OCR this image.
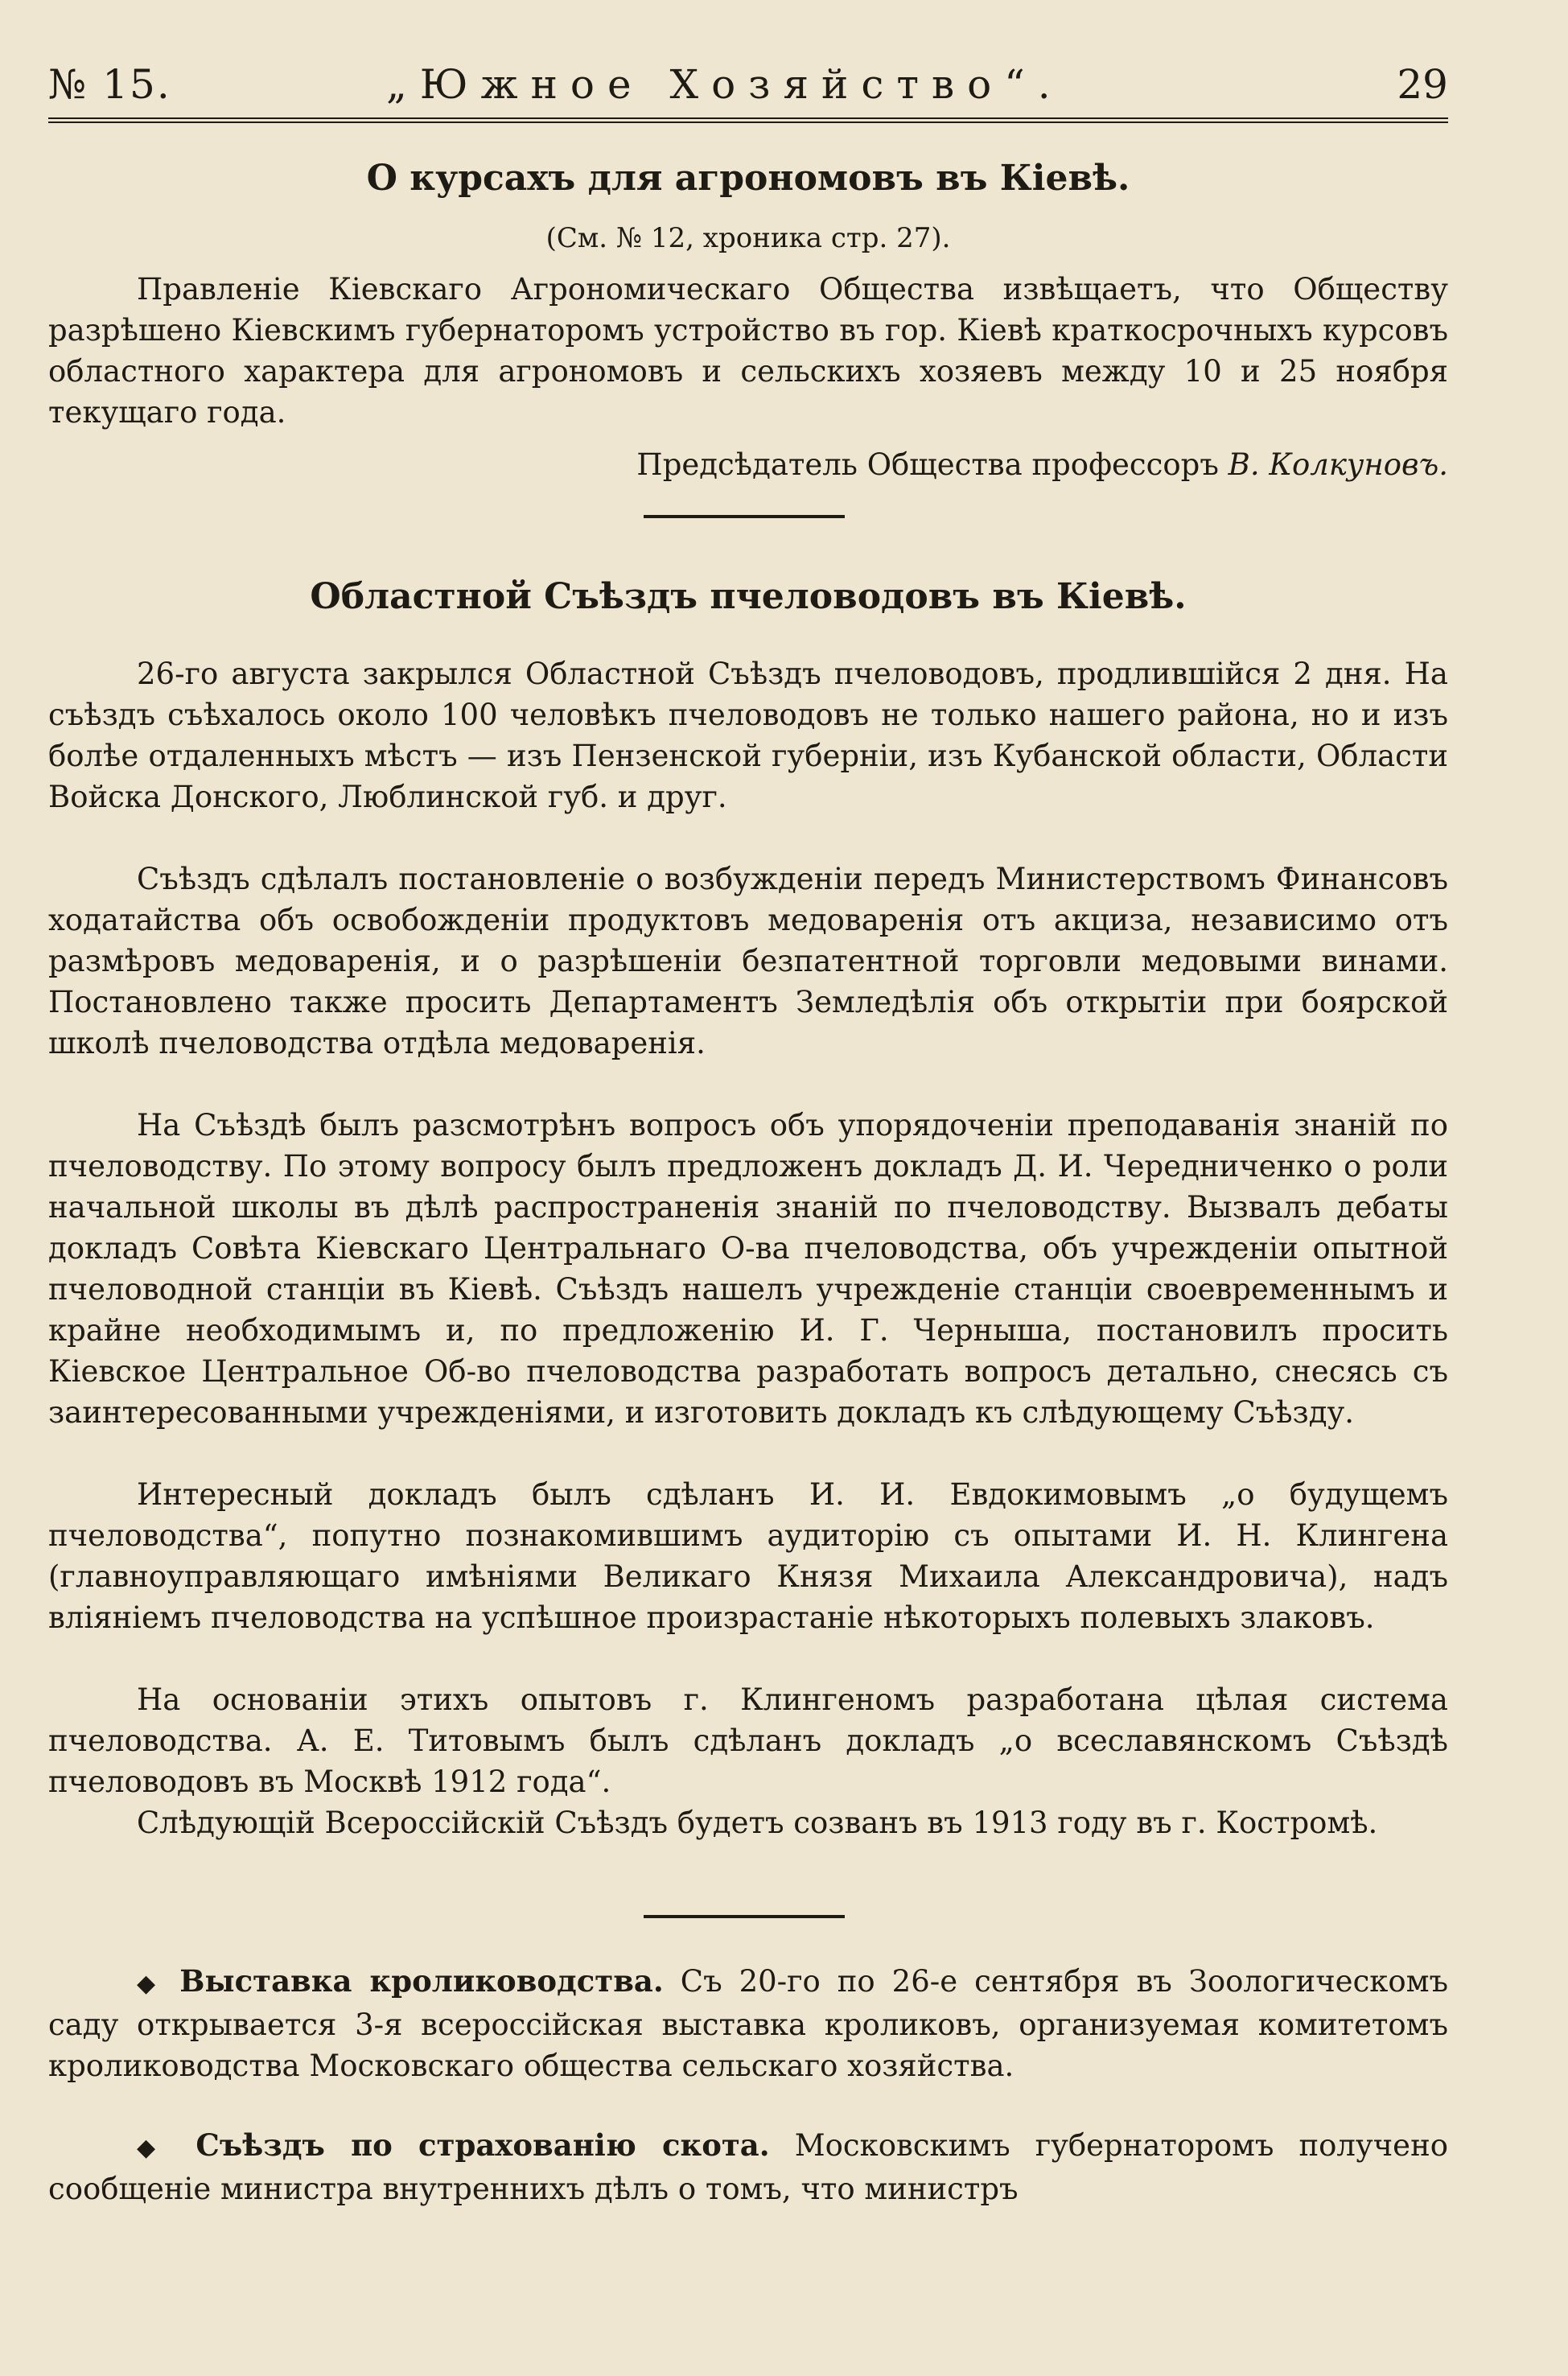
№ 15.	„Южное Хозяйство“.	29
О курсахъ для агрономовъ въ Кіевѣ.
(См. № 12, хроника стр. 27).

Правленіе Кіевскаго Агрономическаго Общества извѣщаетъ, что Обществу разрѣшено Кіевскимъ губернаторомъ устройство въ гор. Кіевѣ краткосрочныхъ курсовъ областного характера для агрономовъ и сельскихъ хозяевъ между 10 и 25 ноября текущаго года.

Предсѣдатель Общества профессоръ В. Колкуновъ.
Областной Съѣздъ пчеловодовъ въ Кіевѣ.

26-го августа закрылся Областной Съѣздъ пчеловодовъ, продлившійся 2 дня. На съѣздъ съѣхалось около 100 человѣкъ пчеловодовъ не только нашего района, но и изъ болѣе отдаленныхъ мѣстъ — изъ Пензенской губерніи, изъ Кубанской области, Области Войска Донского, Люблинской губ. и друг.

Съѣздъ сдѣлалъ постановленіе о возбужденіи передъ Министерствомъ Финансовъ ходатайства объ освобожденіи продуктовъ медоваренія отъ акциза, независимо отъ размѣровъ медоваренія, и о разрѣшеніи безпатентной торговли медовыми винами. Постановлено также просить Департаментъ Земледѣлія объ открытіи при боярской школѣ пчеловодства отдѣла медоваренія.

На Съѣздѣ былъ разсмотрѣнъ вопросъ объ упорядоченіи преподаванія знаній по пчеловодству. По этому вопросу былъ предложенъ докладъ Д. И. Чередниченко о роли начальной школы въ дѣлѣ распространенія знаній по пчеловодству. Вызвалъ дебаты докладъ Совѣта Кіевскаго Центральнаго О-ва пчеловодства, объ учрежденіи опытной пчеловодной станціи въ Кіевѣ. Съѣздъ нашелъ учрежденіе станціи своевременнымъ и крайне необходимымъ и, по предложенію И. Г. Черныша, постановилъ просить Кіевское Центральное Об-во пчеловодства разработать вопросъ детально, снесясь съ заинтересованными учрежденіями, и изготовить докладъ къ слѣдующему Съѣзду.

Интересный докладъ былъ сдѣланъ И. И. Евдокимовымъ „о будущемъ пчеловодства“, попутно познакомившимъ аудиторію съ опытами И. Н. Клингена (главноуправляющаго имѣніями Великаго Князя Михаила Александровича), надъ вліяніемъ пчеловодства на успѣшное произрастаніе нѣкоторыхъ полевыхъ злаковъ.

На основаніи этихъ опытовъ г. Клингеномъ разработана цѣлая система пчеловодства. А. Е. Титовымъ былъ сдѣланъ докладъ „о всеславянскомъ Съѣздѣ пчеловодовъ въ Москвѣ 1912 года“.

Слѣдующій Всероссійскій Съѣздъ будетъ созванъ въ 1913 году въ г. Костромѣ.

◆ Выставка кролиководства. Съ 20-го по 26-е сентября въ Зоологическомъ саду открывается 3-я всероссійская выставка кроликовъ, организуемая комитетомъ кролиководства Московскаго общества сельскаго хозяйства.

◆ Съѣздъ по страхованію скота. Московскимъ губернаторомъ получено сообщеніе министра внутреннихъ дѣлъ о томъ, что министръ
